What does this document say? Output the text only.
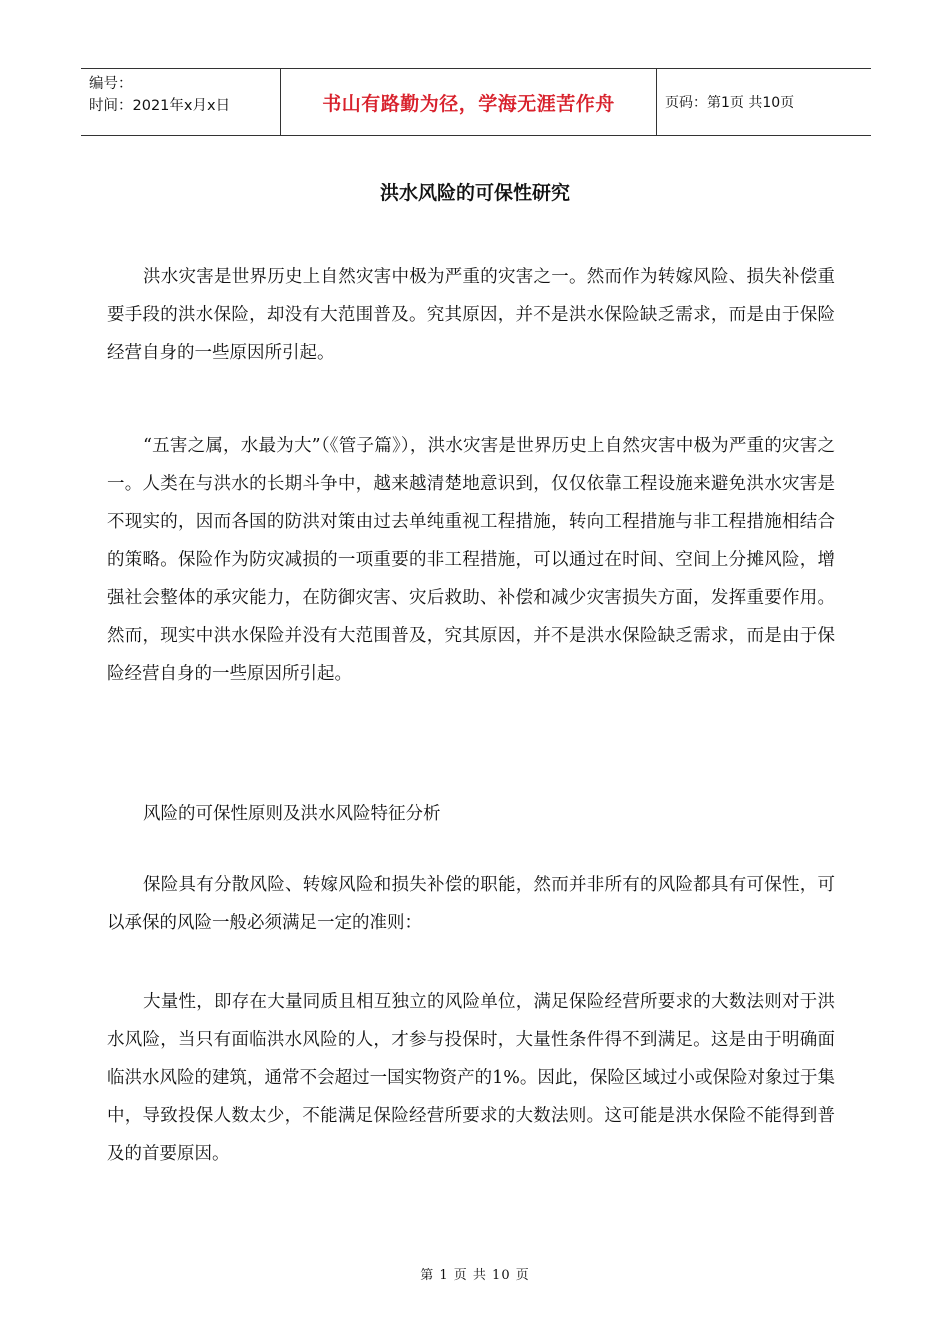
编号：
时间：2021年x月x日	书山有路勤为径，学海无涯苦作舟	页码：第1页 共10页
洪水风险的可保性研究

洪水灾害是世界历史上自然灾害中极为严重的灾害之一。然而作为转嫁风险、损失补偿重要手段的洪水保险，却没有大范围普及。究其原因，并不是洪水保险缺乏需求，而是由于保险经营自身的一些原因所引起。

“五害之属，水最为大”（《管子篇》），洪水灾害是世界历史上自然灾害中极为严重的灾害之一。人类在与洪水的长期斗争中，越来越清楚地意识到，仅仅依靠工程设施来避免洪水灾害是不现实的，因而各国的防洪对策由过去单纯重视工程措施，转向工程措施与非工程措施相结合的策略。保险作为防灾减损的一项重要的非工程措施，可以通过在时间、空间上分摊风险，增强社会整体的承灾能力，在防御灾害、灾后救助、补偿和减少灾害损失方面，发挥重要作用。然而，现实中洪水保险并没有大范围普及，究其原因，并不是洪水保险缺乏需求，而是由于保险经营自身的一些原因所引起。

风险的可保性原则及洪水风险特征分析

保险具有分散风险、转嫁风险和损失补偿的职能，然而并非所有的风险都具有可保性，可以承保的风险一般必须满足一定的准则：

大量性，即存在大量同质且相互独立的风险单位，满足保险经营所要求的大数法则对于洪水风险，当只有面临洪水风险的人，才参与投保时，大量性条件得不到满足。这是由于明确面临洪水风险的建筑，通常不会超过一国实物资产的1%。因此，保险区域过小或保险对象过于集中，导致投保人数太少，不能满足保险经营所要求的大数法则。这可能是洪水保险不能得到普及的首要原因。

第 1 页 共 10 页
